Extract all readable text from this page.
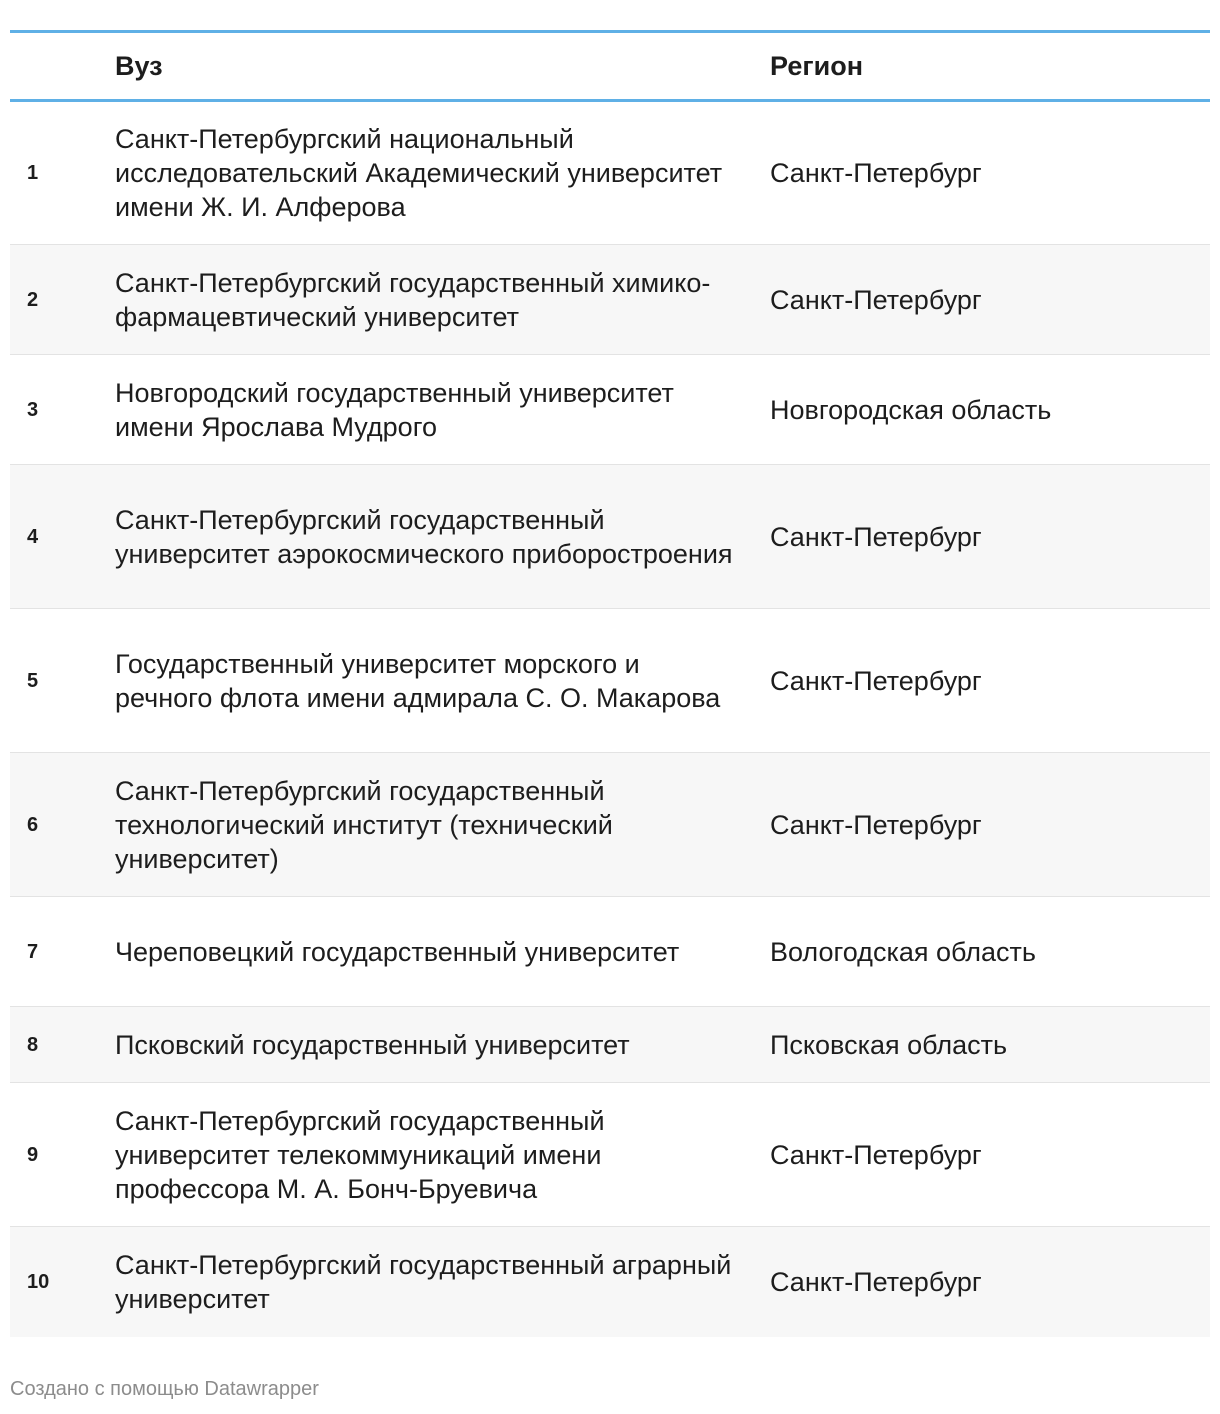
	Вуз	Регион
1	Санкт-Петербургский национальный исследовательский Академический университет имени Ж. И. Алферова	Санкт-Петербург
2	Санкт-Петербургский государственный химико-фармацевтический университет	Санкт-Петербург
3	Новгородский государственный университет имени Ярослава Мудрого	Новгородская область
4	Санкт-Петербургский государственный университет аэрокосмического приборостроения	Санкт-Петербург
5	Государственный университет морского и речного флота имени адмирала С. О. Макарова	Санкт-Петербург
6	Санкт-Петербургский государственный технологический институт (технический университет)	Санкт-Петербург
7	Череповецкий государственный университет	Вологодская область
8	Псковский государственный университет	Псковская область
9	Санкт-Петербургский государственный университет телекоммуникаций имени профессора М. А. Бонч-Бруевича	Санкт-Петербург
10	Санкт-Петербургский государственный аграрный университет	Санкт-Петербург
Создано с помощью Datawrapper
